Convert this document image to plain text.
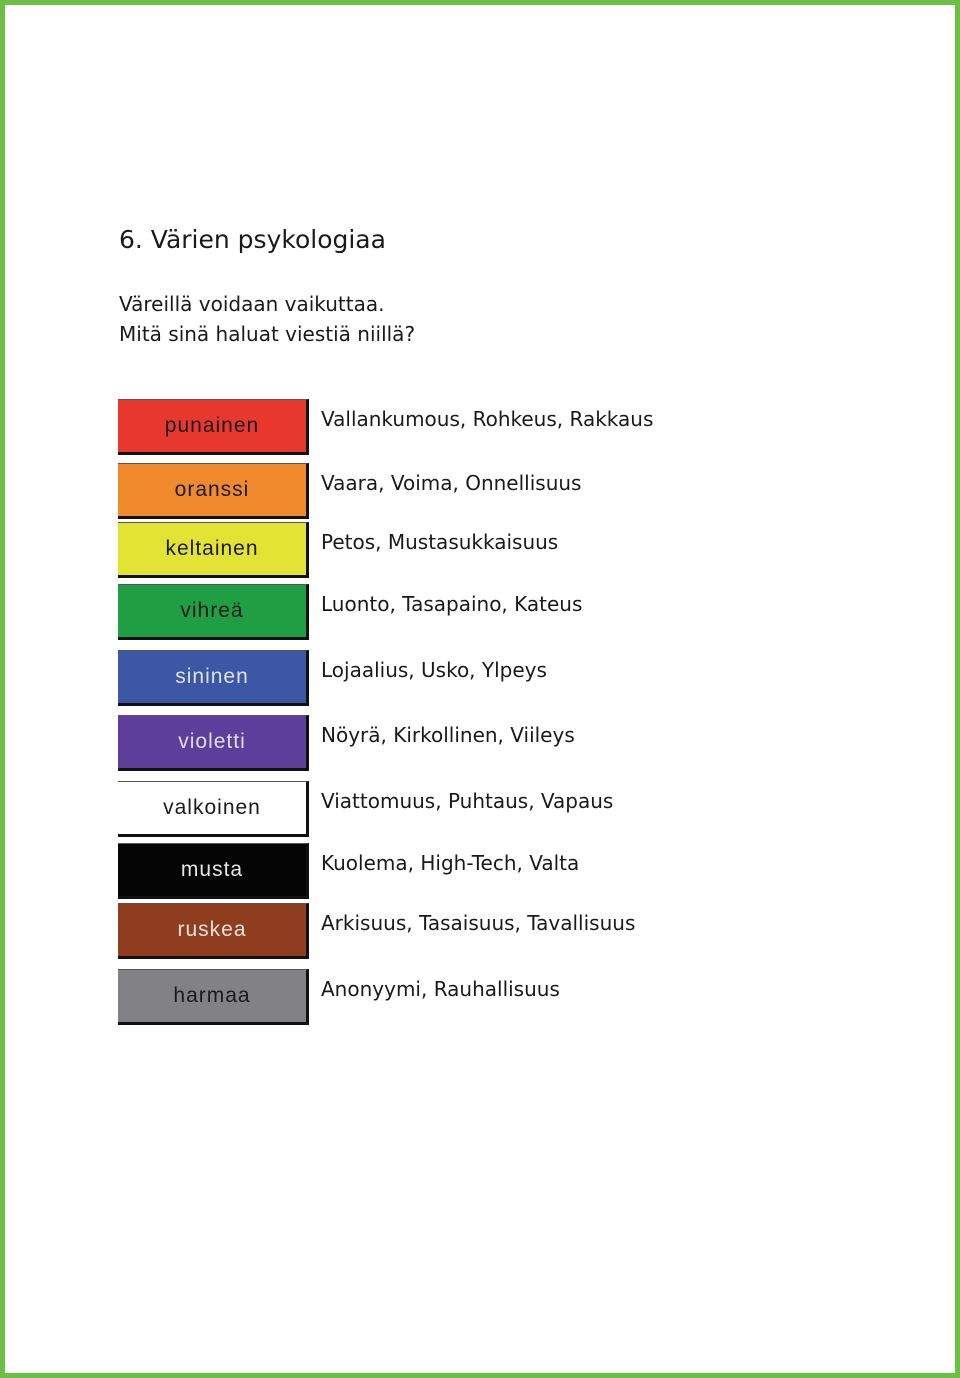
6. Värien psykologiaa

Väreillä voidaan vaikuttaa.

Mitä sinä haluat viestiä niillä?

punainen	Vallankumous, Rohkeus, Rakkaus
oranssi	Vaara, Voima, Onnellisuus
keltainen	Petos, Mustasukkaisuus
vihreä	Luonto, Tasapaino, Kateus
sininen	Lojaalius, Usko, Ylpeys
violetti	Nöyrä, Kirkollinen, Viileys
valkoinen	Viattomuus, Puhtaus, Vapaus
musta	Kuolema, High-Tech, Valta
ruskea	Arkisuus, Tasaisuus, Tavallisuus
harmaa	Anonyymi, Rauhallisuus
